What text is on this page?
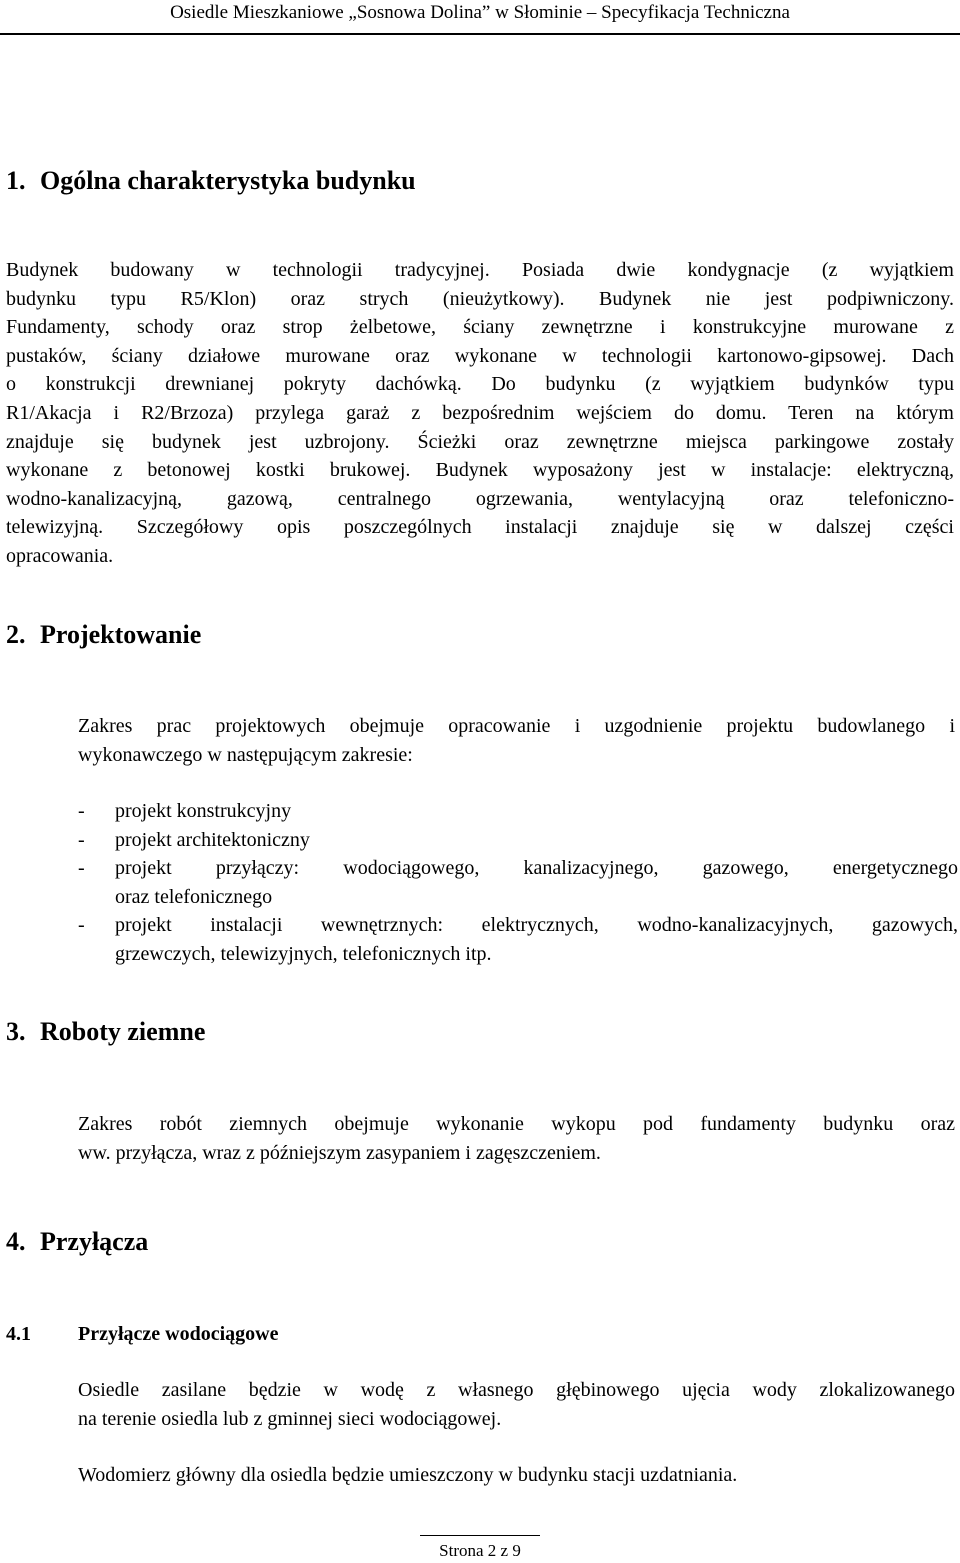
Osiedle Mieszkaniowe „Sosnowa Dolina” w Słominie – Specyfikacja Techniczna
1. Ogólna charakterystyka budynku
Budynek budowany w technologii tradycyjnej. Posiada dwie kondygnacje (z wyjątkiem
budynku typu R5/Klon) oraz strych (nieużytkowy). Budynek nie jest podpiwniczony.
Fundamenty, schody oraz strop żelbetowe, ściany zewnętrzne i konstrukcyjne murowane z
pustaków, ściany działowe murowane oraz wykonane w technologii kartonowo-gipsowej. Dach
o konstrukcji drewnianej pokryty dachówką. Do budynku (z wyjątkiem budynków typu
R1/Akacja i R2/Brzoza) przylega garaż z bezpośrednim wejściem do domu. Teren na którym
znajduje się budynek jest uzbrojony. Ścieżki oraz zewnętrzne miejsca parkingowe zostały
wykonane z betonowej kostki brukowej. Budynek wyposażony jest w instalacje: elektryczną,
wodno-kanalizacyjną, gazową, centralnego ogrzewania, wentylacyjną oraz telefoniczno-
telewizyjną. Szczegółowy opis poszczególnych instalacji znajduje się w dalszej części
opracowania.
2. Projektowanie
Zakres prac projektowych obejmuje opracowanie i uzgodnienie projektu budowlanego i
wykonawczego w następującym zakresie:
- projekt konstrukcyjny
- projekt architektoniczny
- projekt przyłączy: wodociągowego, kanalizacyjnego, gazowego, energetycznego
oraz telefonicznego
- projekt instalacji wewnętrznych: elektrycznych, wodno-kanalizacyjnych, gazowych,
grzewczych, telewizyjnych, telefonicznych itp.
3. Roboty ziemne
Zakres robót ziemnych obejmuje wykonanie wykopu pod fundamenty budynku oraz
ww. przyłącza, wraz z późniejszym zasypaniem i zagęszczeniem.
4. Przyłącza
4.1 Przyłącze wodociągowe
Osiedle zasilane będzie w wodę z własnego głębinowego ujęcia wody zlokalizowanego
na terenie osiedla lub z gminnej sieci wodociągowej.
Wodomierz główny dla osiedla będzie umieszczony w budynku stacji uzdatniania.
Strona 2 z 9
